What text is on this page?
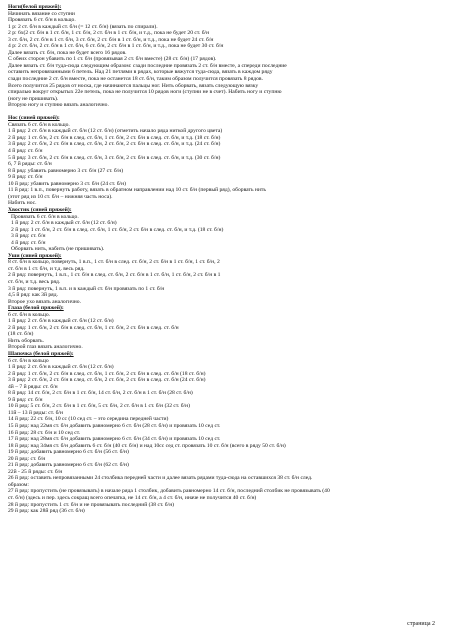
Ноги(белой пряжей):
Начинать вязание со ступни
Провязать 6 ст. б/н в кольцо.
1 р: 2 ст. б/н в каждый ст. б/н (= 12 ст. б/н) (вязать по спирали).
2 р: 6х(2 ст. б/н в 1 ст. б/н, 1 ст. б/н, 2 ст. б/н в 1 ст. б/н, и т.д., пока не будет 20 ст. б/н
3 ст. б/н, 2 ст. б/н в 1 ст. б/н, 3 ст. б/н, 2 ст. б/н в 1 ст. б/н, и т.д., пока не будет 24 ст. б/н
4 р: 2 ст. б/н, 2 ст. б/н в 1 ст. б/н, 6 ст. б/н, 2 ст. б/н в 1 ст. б/н, и т.д., пока не будет 30 ст. б/н
Далее вязать ст. б/н, пока не будет всего 16 рядов.
С обеих сторон убавить по 1 ст. б/н (провязывая 2 ст. б/н вместе) (28 ст. б/н) (17 рядов).
Далее вязать ст. б/н туда-сюда следующим образом: сзади последние провязать 2 ст. б/н вместе, а спереди последние
оставить непровязанными 6 петель. Над 21 петлями в рядах, которые вяжутся туда-сюда, вязать в каждом ряду
сзади последние 2 ст. б/н вместе, пока не останется 18 ст. б/н, таким образом получится провязать 8 рядов.
Всего получится 25 рядов от носка, где начинаются пальцы ног. Нить оборвать, вязать следующую вязку
спиралью вокруг открытых 22е петель, пока не получится 10 рядов ноги (ступни не в счет). Набить ногу и ступню
(ногу не пришивать).
Вторую ногу и ступню вязать аналогично.
Нос (синей пряжей):
Связать 6 ст. б/н в кольцо.
1 й ряд: 2 ст. б/н в каждый ст. б/н (12 ст. б/н) (отметить начало ряда ниткой другого цвета)
2 й ряд: 1 ст. б/н, 2 ст. б/н в след. ст. б/н, 1 ст. б/н, 2 ст. б/н в след. ст. б/н, и т.д. (18 ст. б/н)
3 й ряд: 2 ст. б/н, 2 ст. б/н в след. ст. б/н, 2 ст. б/н, 2 ст. б/н в след. ст. б/н, и т.д. (24 ст. б/н)
4 й ряд: ст. б/н
5 й ряд: 3 ст. б/н, 2 ст. б/н в след. ст. б/н, 3 ст. б/н, 2 ст. б/н в след. ст. б/н, и т.д. (30 ст. б/н)
6, 7 й ряды: ст. б/н
8 й ряд: убавить равномерно 3 ст. б/н (27 ст. б/н)
9 й ряд: ст. б/н
10 й ряд: убавить равномерно 3 ст. б/н (24 ст. б/н)
11 й ряд: 1 в.п., повернуть работу, вязать в обратном направлении над 10 ст. б/н (первый ряд), оборвать нить
(этот ряд из 10 ст. б/н – нижняя часть носа).
Набить нос.
Хвостик (синей пряжей):
Провязать 6 ст. б/н в кольцо.
1 й ряд: 2 ст. б/н в каждый ст. б/н (12 ст. б/н)
2 й ряд: 1 ст. б/н, 2 ст. б/н в след. ст. б/н, 1 ст. б/н, 2 ст. б/н в след. ст. б/н, и т.д. (18 ст. б/н)
3 й ряд: ст. б/н
4 й ряд: ст. б/н
Оборвать нить, набить (не пришивать).
Уши (синей пряжей):
8 ст. б/н в кольцо, повернуть, 1 в.п., 1 ст. б/н в след. ст. б/н, 2 ст. б/н в 1 ст. б/н, 1 ст. б/н, 2
ст. б/н в 1 ст. б/н, и т.д. весь ряд.
2 й ряд: повернуть, 1 в.п., 1 ст. б/н в след. ст. б/н, 2 ст. б/н в 1 ст. б/н, 1 ст. б/н, 2 ст. б/н в 1
ст. б/н, и т.д. весь ряд.
3 й ряд: повернуть, 1 в.п. и в каждый ст. б/н провязать по 1 ст. б/н
4,5 й ряд: как 3й ряд.
Второе ухо вязать аналогично.
Глаза (белой пряжей):
6 ст. б/н в кольцо.
1 й ряд: 2 ст. б/н в каждый ст. б/н (12 ст. б/н)
2 й ряд: 1 ст. б/н, 2 ст. б/н в след. ст. б/н, 1 ст. б/н, 2 ст. б/н в след. ст. б/н
(18 ст. б/н)
Нить оборвать.
Второй глаз вязать аналогично.
Шапочка (белой пряжей):
6 ст. б/н в кольцо
1 й ряд: 2 ст. б/н в каждый ст. б/н (12 ст. б/н)
2 й ряд: 1 ст. б/н, 2 ст. б/н в след. ст. б/н, 1 ст. б/н, 2 ст. б/н в след. ст. б/н (18 ст. б/н)
3 й ряд: 2 ст. б/н, 2 ст. б/н в след. ст. б/н, 2 ст. б/н, 2 ст. б/н в след. ст. б/н (24 ст. б/н)
4й – 7 й ряды: ст. б/н
8 й ряд: 14 ст. б/н, 2 ст. б/н в 1 ст. б/н, 14 ст. б/н, 2 ст. б/н в 1 ст. б/н (28 ст. б/н)
9 й ряд: ст. б/н
10 й ряд: 5 ст. б/н, 2 ст. б/н в 1 ст. б/н, 5 ст. б/н, 2 ст. б/н в 1 ст. б/н (32 ст. б/н)
11й – 13 й ряды: ст. б/н
14 й ряд: 22 ст. б/н, 10 сс (10 сед ст. – это середина передней части)
15 й ряд: над 22мя ст. б/н добавить равномерно 6 ст. б/н (28 ст. б/н) и провязать 10 сед ст.
16 й ряд: 28 ст. б/н и 10 сед ст.
17 й ряд: над 28мя ст. б/н добавить равномерно 6 ст. б/н (34 ст. б/н) и провязать 10 сед ст.
18 й ряд: над 34мя ст. б/н добавить 6 ст. б/н (40 ст. б/н) и над 10сс сед ст. провязать 10 ст. б/н (всего в ряду 50 ст. б/н)
19 й ряд: добавить равномерно 6 ст. б/н (56 ст. б/н)
20 й ряд: ст. б/н
21 й ряд: добавить равномерно 6 ст. б/н (62 ст. б/н)
22й - 25 й ряды: ст. б/н
26 й ряд: оставить непровязанными 24 столбика передней части и далее вязать рядами туда-сюда на оставшихся 38 ст. б/н след.
образом:
27 й ряд: пропустить (не провязывать) в начале ряда 1 столбик, добавить равномерно 14 ст. б/н, последний столбик не провязывать (40
ст. б/н) (здесь и пер. здесь сокращ всего опечатка, не 14 ст. б/н, а 4 ст. б/н, иначе не получится 40 ст. б/н)
28 й ряд: пропустить 1 ст. б/н и не провязывать последний (38 ст. б/н)
29 й ряд: как 28й ряд (36 ст. б/н)
страница 2
